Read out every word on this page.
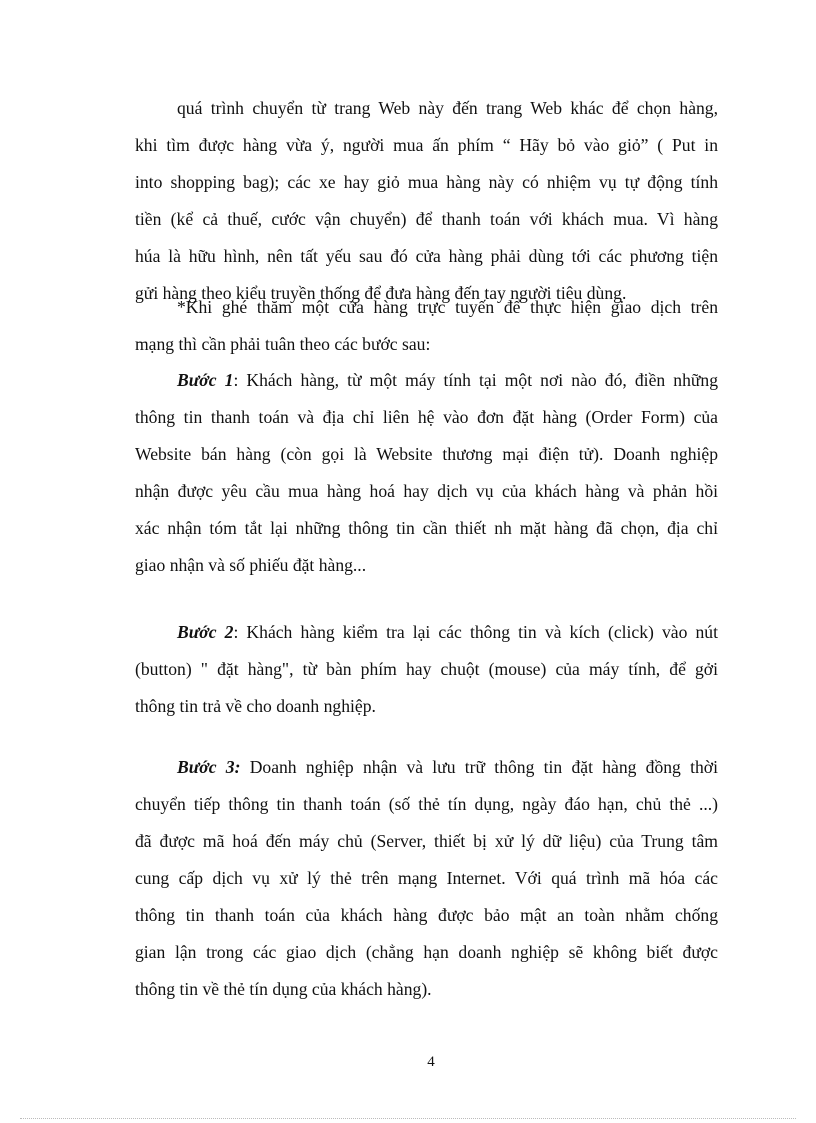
quá trình chuyển từ trang Web này đến trang Web khác để chọn hàng,
khi tìm được hàng vừa ý, người mua ấn phím “ Hãy bỏ vào giỏ” ( Put in
into shopping bag); các xe hay giỏ mua hàng này có nhiệm vụ tự động tính
tiền (kể cả thuế, cước vận chuyển) để thanh toán với khách mua. Vì hàng
húa là hữu hình, nên tất yếu sau đó cửa hàng phải dùng tới các phương tiện
gửi hàng theo kiểu truyền thống để đưa hàng đến tay người tiêu dùng.
*Khi ghé thăm một cửa hàng trực tuyến để thực hiện giao dịch trên
mạng thì cần phải tuân theo các bước sau:
Bước 1: Khách hàng, từ một máy tính tại một nơi nào đó, điền những
thông tin thanh toán và địa chỉ liên hệ vào đơn đặt hàng (Order Form) của
Website bán hàng (còn gọi là Website thương mại điện tử). Doanh nghiệp
nhận được yêu cầu mua hàng hoá hay dịch vụ của khách hàng và phản hồi
xác nhận tóm tắt lại những thông tin cần thiết nh mặt hàng đã chọn, địa chỉ
giao nhận và số phiếu đặt hàng...
Bước 2: Khách hàng kiểm tra lại các thông tin và kích (click) vào nút
(button) " đặt hàng", từ bàn phím hay chuột (mouse) của máy tính, để gởi
thông tin trả về cho doanh nghiệp.
Bước 3: Doanh nghiệp nhận và lưu trữ thông tin đặt hàng đồng thời
chuyển tiếp thông tin thanh toán (số thẻ tín dụng, ngày đáo hạn, chủ thẻ ...)
đã được mã hoá đến máy chủ (Server, thiết bị xử lý dữ liệu) của Trung tâm
cung cấp dịch vụ xử lý thẻ trên mạng Internet. Với quá trình mã hóa các
thông tin thanh toán của khách hàng được bảo mật an toàn nhằm chống
gian lận trong các giao dịch (chẳng hạn doanh nghiệp sẽ không biết được
thông tin về thẻ tín dụng của khách hàng).
4
